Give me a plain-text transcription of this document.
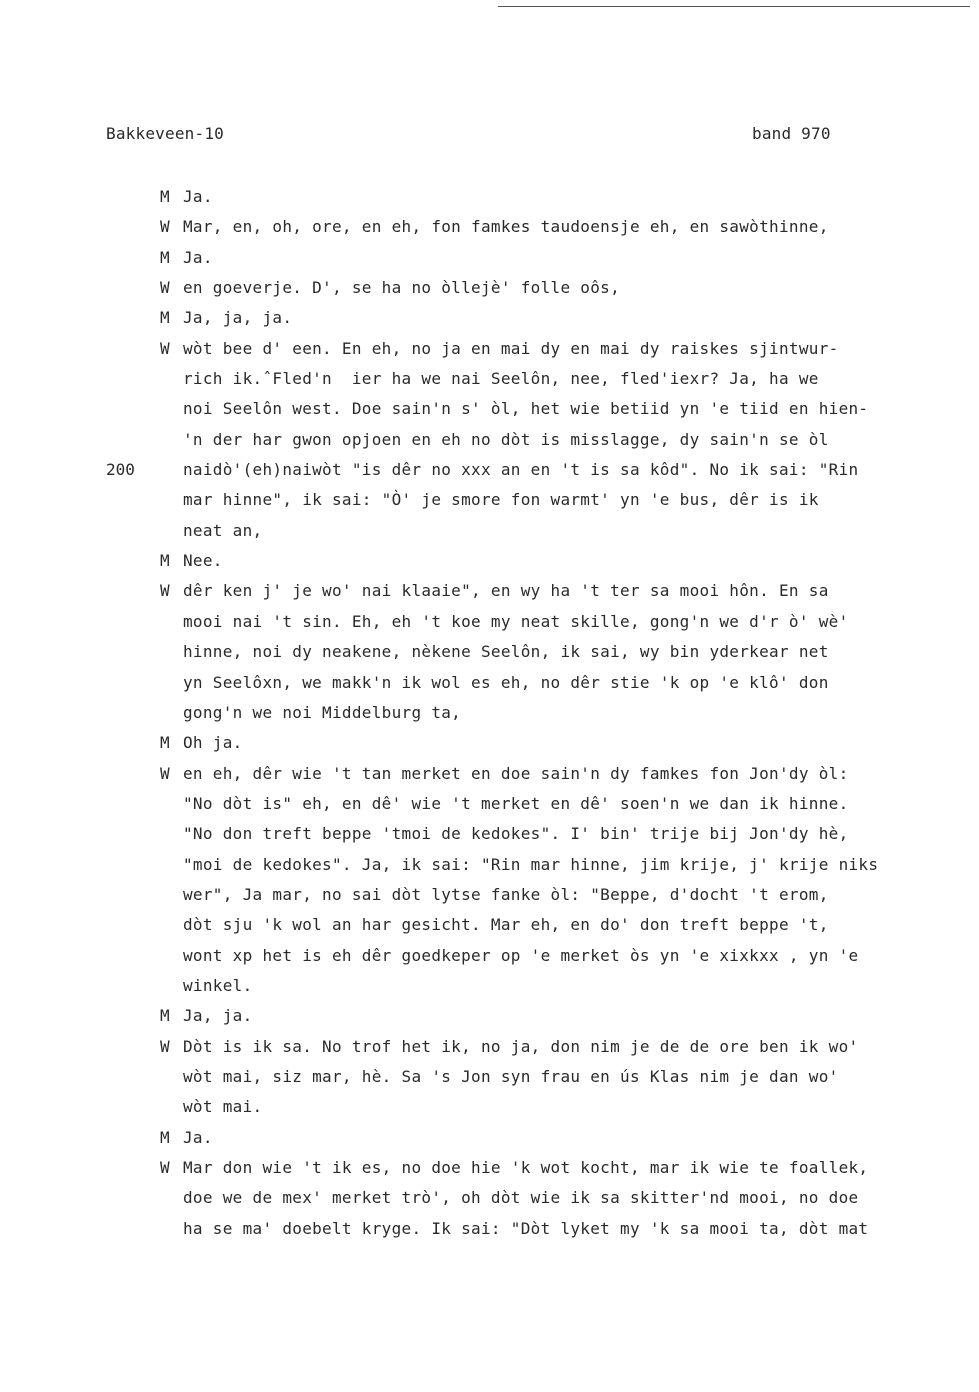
Bakkeveen-10	band 970
M Ja.
W Mar, en, oh, ore, en eh, fon famkes taudoensje eh, en sawòthinne,
M Ja.
W en goeverje. D', se ha no òllejè' folle oôs,
M Ja, ja, ja.
W wòt bee d' een. En eh, no ja en mai dy en mai dy raiskes sjintwur-
rich ik.ˆFled'n  ier ha we nai Seelôn, nee, fled'iexr? Ja, ha we
noi Seelôn west. Doe sain'n s' òl, het wie betiid yn 'e tiid en hien-
'n der har gwon opjoen en eh no dòt is misslagge, dy sain'n se òl
200	naidò'(eh)naiwòt "is dêr no xxx an en 't is sa kôd". No ik sai: "Rin
mar hinne", ik sai: "Ò' je smore fon warmt' yn 'e bus, dêr is ik
neat an,
M Nee.
W dêr ken j' je wo' nai klaaie", en wy ha 't ter sa mooi hôn. En sa
mooi nai 't sin. Eh, eh 't koe my neat skille, gong'n we d'r ò' wè'
hinne, noi dy neakene, nèkene Seelôn, ik sai, wy bin yderkear net
yn Seelôxn, we makk'n ik wol es eh, no dêr stie 'k op 'e klô' don
gong'n we noi Middelburg ta,
M Oh ja.
W en eh, dêr wie 't tan merket en doe sain'n dy famkes fon Jon'dy òl:
"No dòt is" eh, en dê' wie 't merket en dê' soen'n we dan ik hinne.
"No don treft beppe 'tmoi de kedokes". I' bin' trije bij Jon'dy hè,
"moi de kedokes". Ja, ik sai: "Rin mar hinne, jim krije, j' krije niks
wer", Ja mar, no sai dòt lytse fanke òl: "Beppe, d'docht 't erom,
dòt sju 'k wol an har gesicht. Mar eh, en do' don treft beppe 't,
wont xp het is eh dêr goedkeper op 'e merket òs yn 'e xixkxx , yn 'e
winkel.
M Ja, ja.
W Dòt is ik sa. No trof het ik, no ja, don nim je de de ore ben ik wo'
wòt mai, siz mar, hè. Sa 's Jon syn frau en ús Klas nim je dan wo'
wòt mai.
M Ja.
W Mar don wie 't ik es, no doe hie 'k wot kocht, mar ik wie te foallek,
doe we de mex' merket trò', oh dòt wie ik sa skitter'nd mooi, no doe
ha se ma' doebelt kryge. Ik sai: "Dòt lyket my 'k sa mooi ta, dòt mat
